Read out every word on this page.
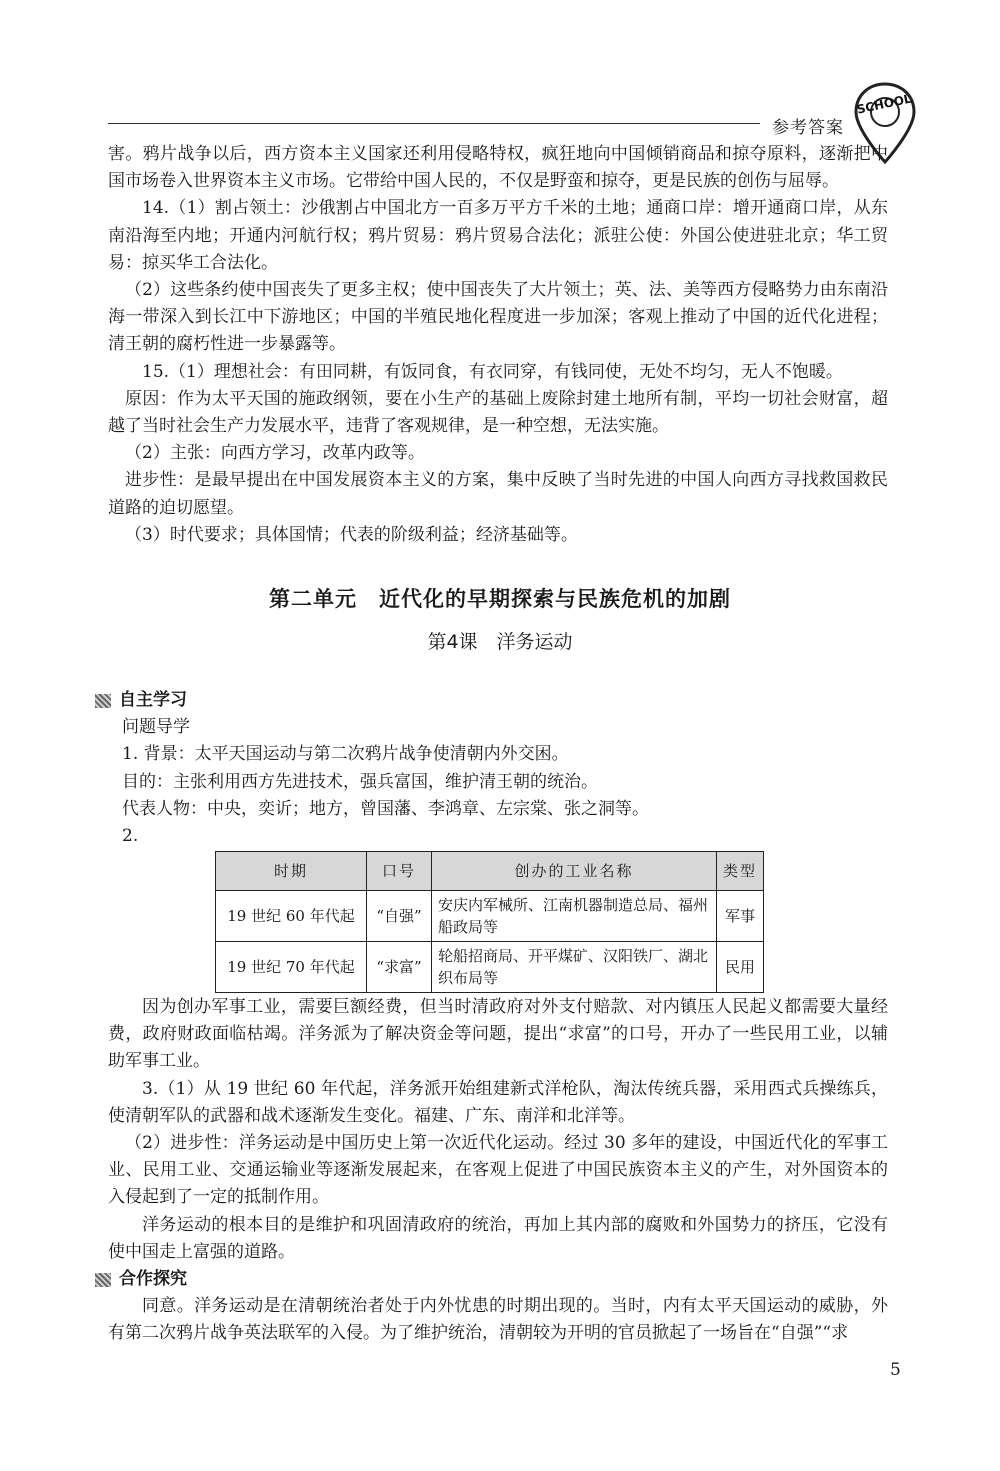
参考答案
SCHOOL

害。鸦片战争以后，西方资本主义国家还利用侵略特权，疯狂地向中国倾销商品和掠夺原料，逐渐把中国市场卷入世界资本主义市场。它带给中国人民的，不仅是野蛮和掠夺，更是民族的创伤与屈辱。

14.（1）割占领土：沙俄割占中国北方一百多万平方千米的土地；通商口岸：增开通商口岸，从东南沿海至内地；开通内河航行权；鸦片贸易：鸦片贸易合法化；派驻公使：外国公使进驻北京；华工贸易：掠买华工合法化。

（2）这些条约使中国丧失了更多主权；使中国丧失了大片领土；英、法、美等西方侵略势力由东南沿海一带深入到长江中下游地区；中国的半殖民地化程度进一步加深；客观上推动了中国的近代化进程；清王朝的腐朽性进一步暴露等。

15.（1）理想社会：有田同耕，有饭同食，有衣同穿，有钱同使，无处不均匀，无人不饱暖。

原因：作为太平天国的施政纲领，要在小生产的基础上废除封建土地所有制，平均一切社会财富，超越了当时社会生产力发展水平，违背了客观规律，是一种空想，无法实施。

（2）主张：向西方学习，改革内政等。

进步性：是最早提出在中国发展资本主义的方案，集中反映了当时先进的中国人向西方寻找救国救民道路的迫切愿望。

（3）时代要求；具体国情；代表的阶级利益；经济基础等。

第二单元　近代化的早期探索与民族危机的加剧
第4课　洋务运动
自主学习

问题导学

1. 背景：太平天国运动与第二次鸦片战争使清朝内外交困。

目的：主张利用西方先进技术，强兵富国，维护清王朝的统治。

代表人物：中央，奕䜣；地方，曾国藩、李鸿章、左宗棠、张之洞等。

2.

时期	口号	创办的工业名称	类型
19 世纪 60 年代起	“自强”	安庆内军械所、江南机器制造总局、福州船政局等	军事
19 世纪 70 年代起	“求富”	轮船招商局、开平煤矿、汉阳铁厂、湖北织布局等	民用

因为创办军事工业，需要巨额经费，但当时清政府对外支付赔款、对内镇压人民起义都需要大量经费，政府财政面临枯竭。洋务派为了解决资金等问题，提出“求富”的口号，开办了一些民用工业，以辅助军事工业。

3.（1）从 19 世纪 60 年代起，洋务派开始组建新式洋枪队，淘汰传统兵器，采用西式兵操练兵，使清朝军队的武器和战术逐渐发生变化。福建、广东、南洋和北洋等。

（2）进步性：洋务运动是中国历史上第一次近代化运动。经过 30 多年的建设，中国近代化的军事工业、民用工业、交通运输业等逐渐发展起来，在客观上促进了中国民族资本主义的产生，对外国资本的入侵起到了一定的抵制作用。

洋务运动的根本目的是维护和巩固清政府的统治，再加上其内部的腐败和外国势力的挤压，它没有使中国走上富强的道路。

合作探究

同意。洋务运动是在清朝统治者处于内外忧患的时期出现的。当时，内有太平天国运动的威胁，外有第二次鸦片战争英法联军的入侵。为了维护统治，清朝较为开明的官员掀起了一场旨在“自强”“求

5
